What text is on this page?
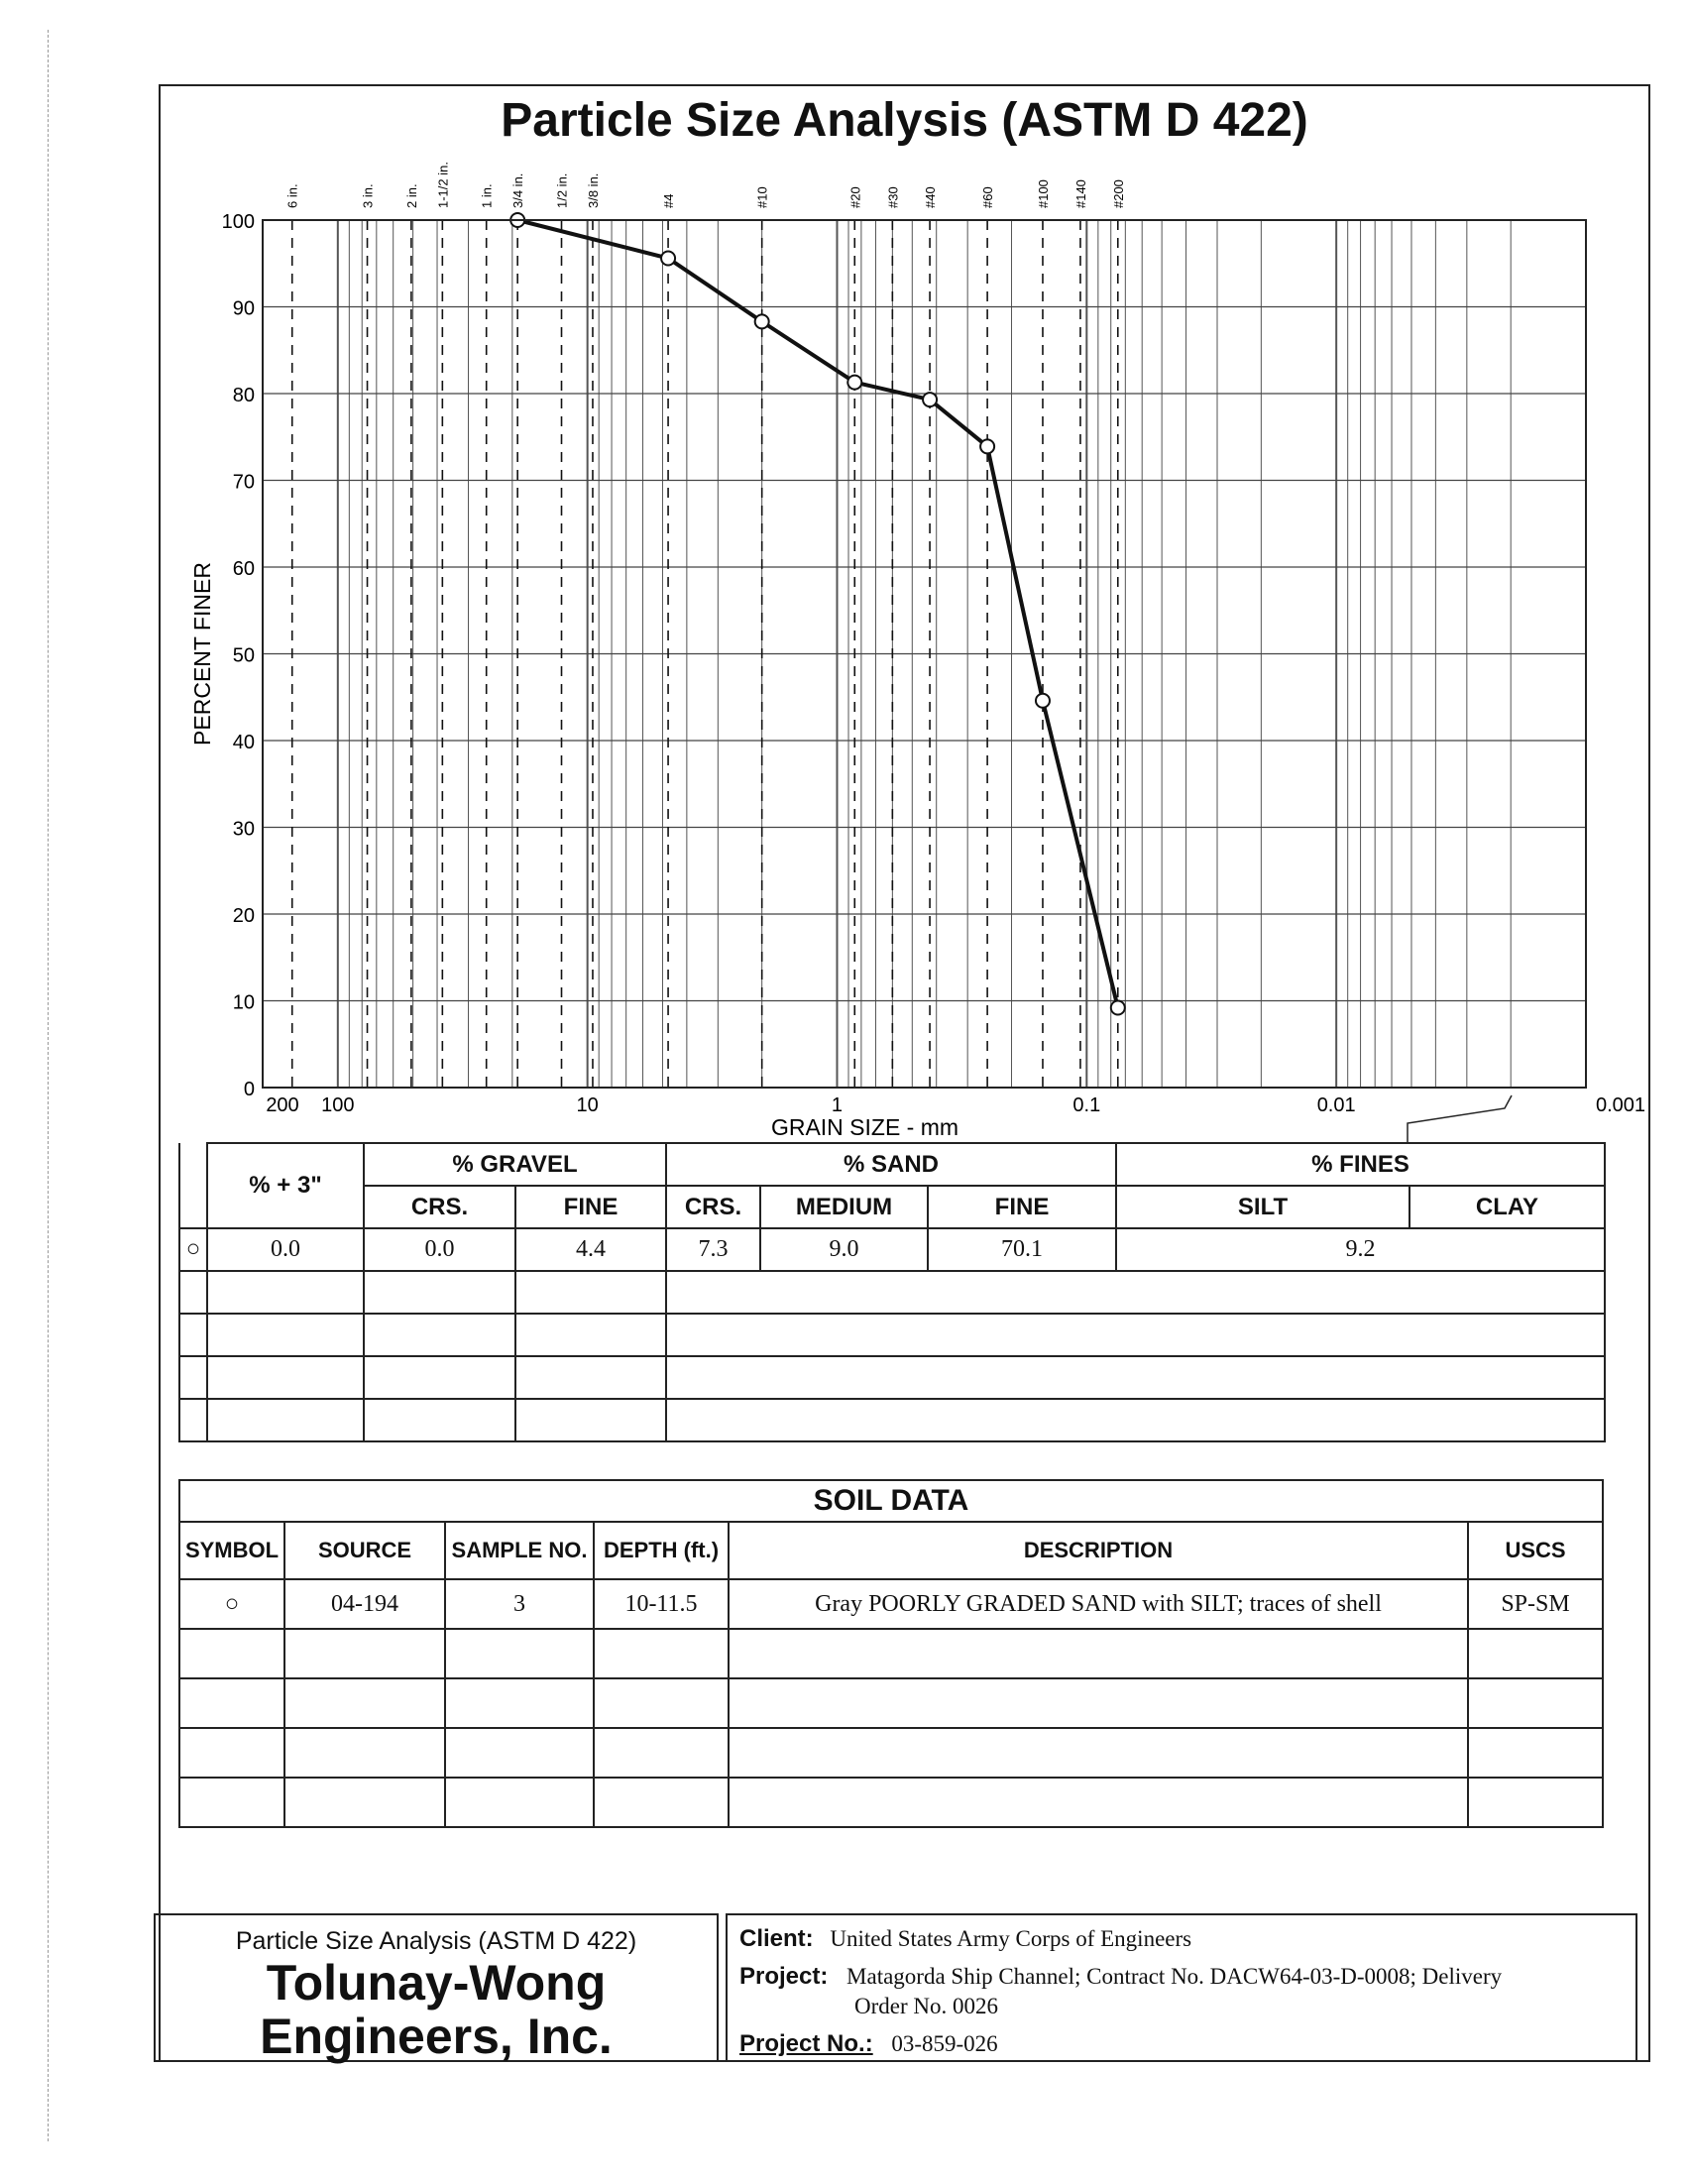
Particle Size Analysis (ASTM D 422)
6 in.	3 in. 2 in. 1-1/2 in. 1 in. 3/4 in. 1/2 in. 3/8 in.	#4	#10	#20 #30 #40	#60	#100 #140 #200
0
10
20
30
40
50
60
70
80
90
100
200 100	10	1	0.1	0.01	0.001
PERCENT FINER
GRAIN SIZE - mm
	% + 3"	% GRAVEL		% SAND			% FINES	
		CRS.	FINE	CRS.	MEDIUM	FINE	SILT	CLAY
○	0.0	0.0	4.4	7.3	9.0	70.1	9.2	

SOIL DATA					
SYMBOL	SOURCE	SAMPLE NO.	DEPTH (ft.)	DESCRIPTION	USCS
○	04-194	3	10-11.5	Gray POORLY GRADED SAND with SILT; traces of shell	SP-SM

Particle Size Analysis (ASTM D 422)
Tolunay-Wong
Engineers, Inc.
Client: United States Army Corps of Engineers
Project: Matagorda Ship Channel; Contract No. DACW64-03-D-0008; Delivery
Order No. 0026
Project No.: 03-859-026
